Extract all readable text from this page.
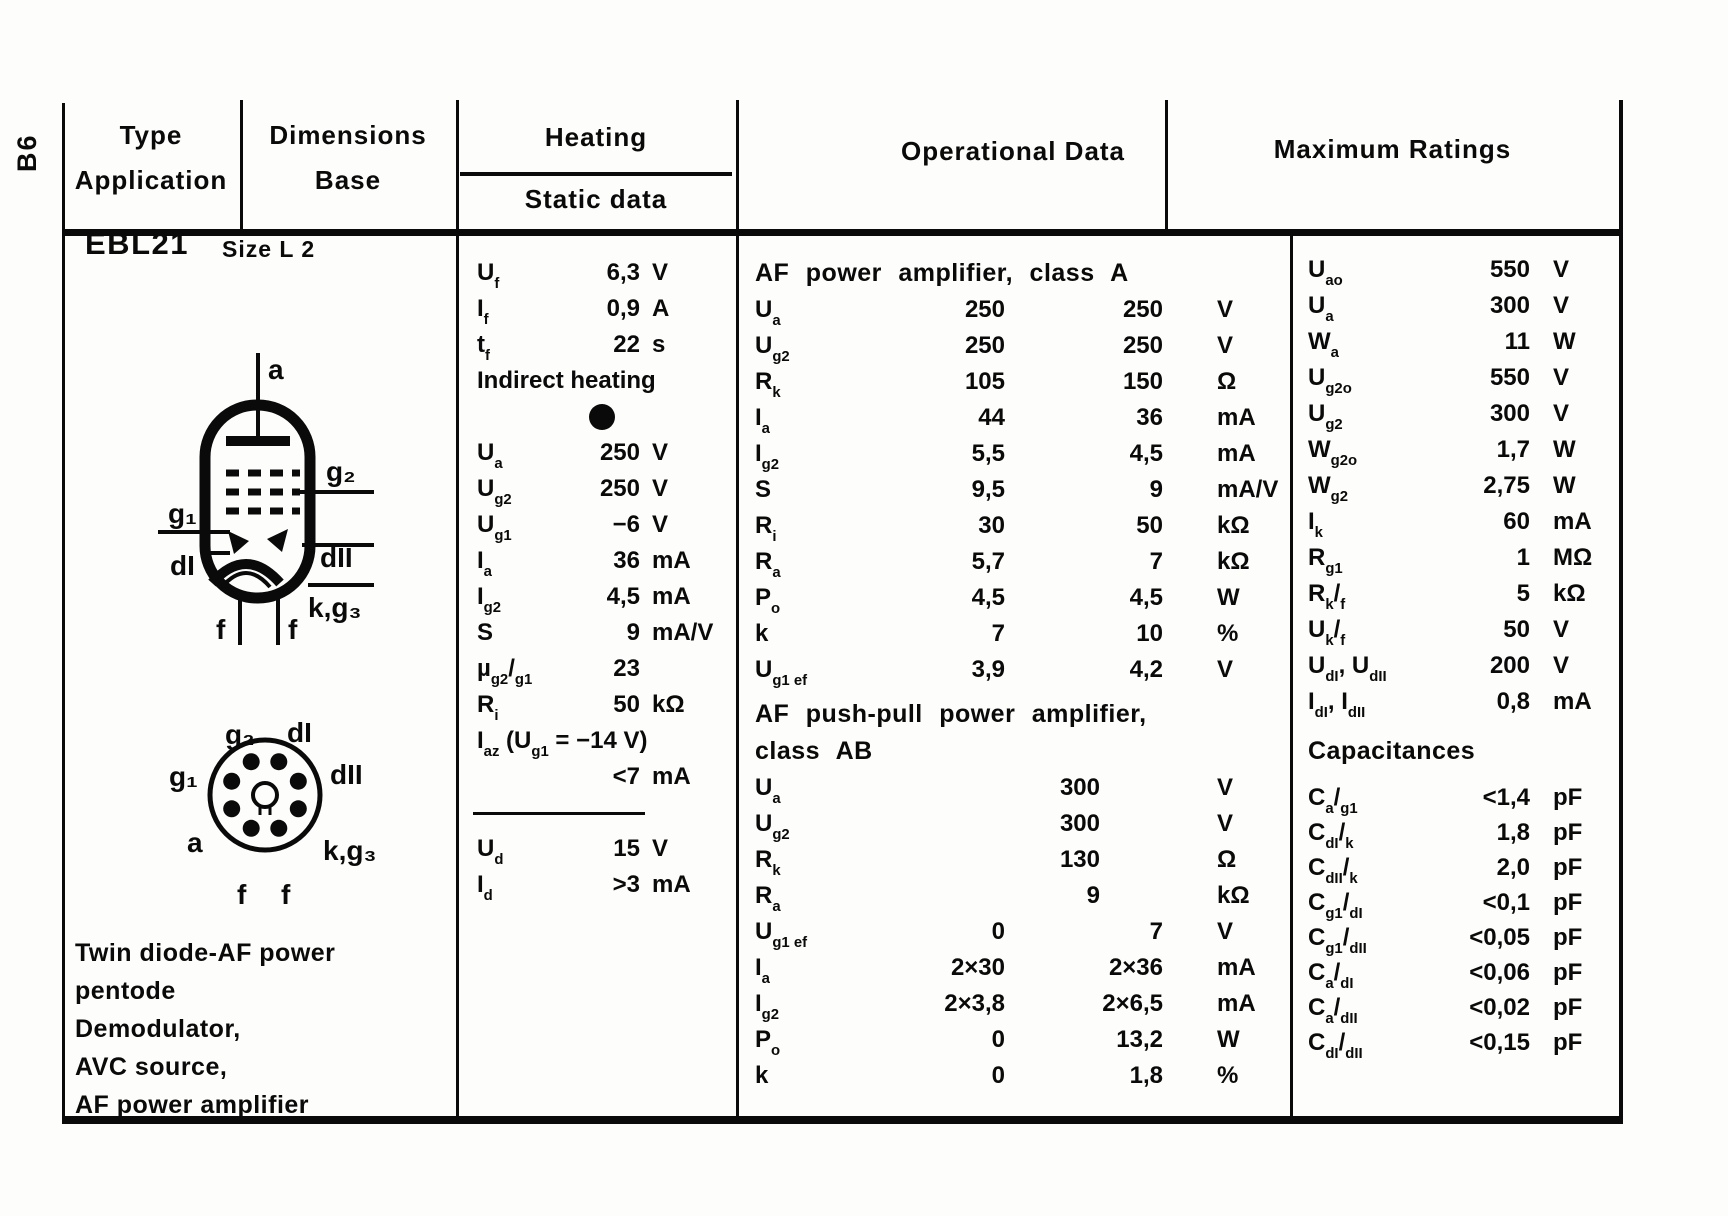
B6	Type
Application
Dimensions
Base
Heating
Static data
Operational Data	Maximum Ratings
EBL21 Size L 2
a
g₂
g₁
dI	dII
k,g₃
f f
g₂ dI
g₁	dII
a	k,g₃
f f
Twin diode-AF power
pentode
Demodulator,
AVC source,
AF power amplifier
$U_f$	6,3 V
$I_f$	0,9 A
$t_f$	22 s
Indirect heating
$U_a$	250 V
$U_{g2}$	250 V
$U_{g1}$	−6 V
$I_a$	36 mA
$I_{g2}$	4,5 mA
S	9 mA/V
$\mu_{g2}/_{g1}$	23
$R_i$	50 kΩ
$I_{az}$ ($U_{g1} = -14$ V)
<7 mA
$U_d$	15 V
$I_d$	>3 mA
AF power amplifier, class A
$U_a$	250	250	V
$U_{g2}$	250	250	V
$R_k$	105	150	Ω
$I_a$	44	36	mA
$I_{g2}$	5,5	4,5	mA
S	9,5	9	mA/V
$R_i$	30	50	kΩ
$R_a$	5,7	7	kΩ
$P_o$	4,5	4,5	W
k	7	10	%
$U_{g1 ef}$	3,9	4,2	V
AF push-pull power amplifier,
class AB
$U_a$	300	V
$U_{g2}$	300	V
$R_k$	130	Ω
$R_a$	9	kΩ
$U_{g1 ef}$	0	7	V
$I_a$	2×30	2×36	mA
$I_{g2}$	2×3,8	2×6,5	mA
$P_o$	0	13,2	W
k	0	1,8	%
$U_{ao}$	550 V
$U_a$	300 V
$W_a$	11 W
$U_{g2o}$	550 V
$U_{g2}$	300 V
$W_{g2o}$	1,7 W
$W_{g2}$	2,75 W
$I_k$	60 mA
$R_{g1}$	1 MΩ
$R_k/_f$	5 kΩ
$U_k/_f$	50 V
$U_{dI}$, $U_{dII}$	200 V
$I_{dI}$, $I_{dII}$	0,8 mA
Capacitances
$C_a/_{g1}$	<1,4 pF
$C_{dI}/_k$	1,8 pF
$C_{dII}/_k$	2,0 pF
$C_{g1}/_{dI}$	<0,1 pF
$C_{g1}/_{dII}$	<0,05 pF
$C_a/_{dI}$	<0,06 pF
$C_a/_{dII}$	<0,02 pF
$C_{dI}/_{dII}$	<0,15 pF
